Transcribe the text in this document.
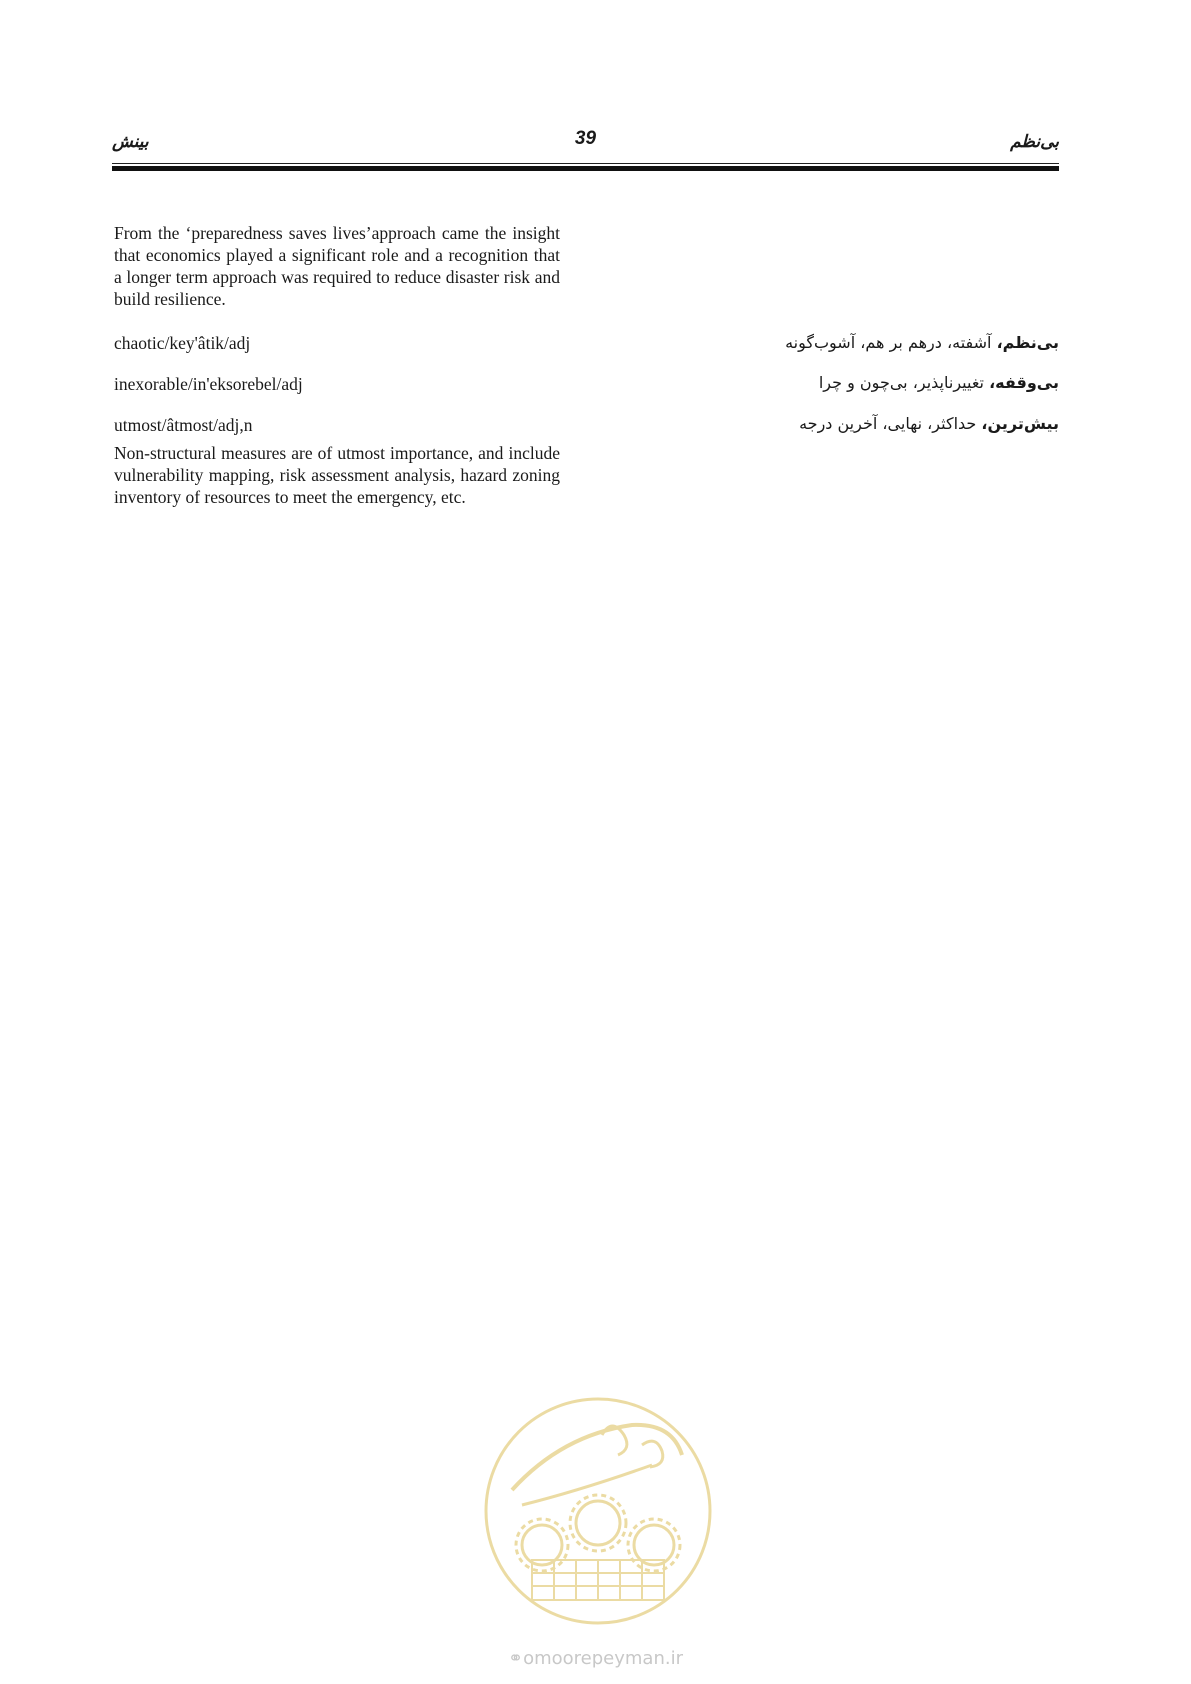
بینش	39	بی‌نظم
From the ‘preparedness saves lives’approach came the insight that economics played a significant role and a recognition that a longer term approach was required to reduce disaster risk and build resilience.
chaotic/key'âtik/adj
inexorable/in'eksorebel/adj
utmost/âtmost/adj,n
Non-structural measures are of utmost importance, and include vulnerability mapping, risk assessment analysis, hazard zoning inventory of resources to meet the emergency, etc.
بی‌نظم، آشفته، درهم بر هم، آشوب‌گونه
بی‌وقفه، تغییرناپذیر، بی‌چون و چرا
بیش‌ترین، حداکثر، نهایی، آخرین درجه
⚭omoorepeyman.ir
